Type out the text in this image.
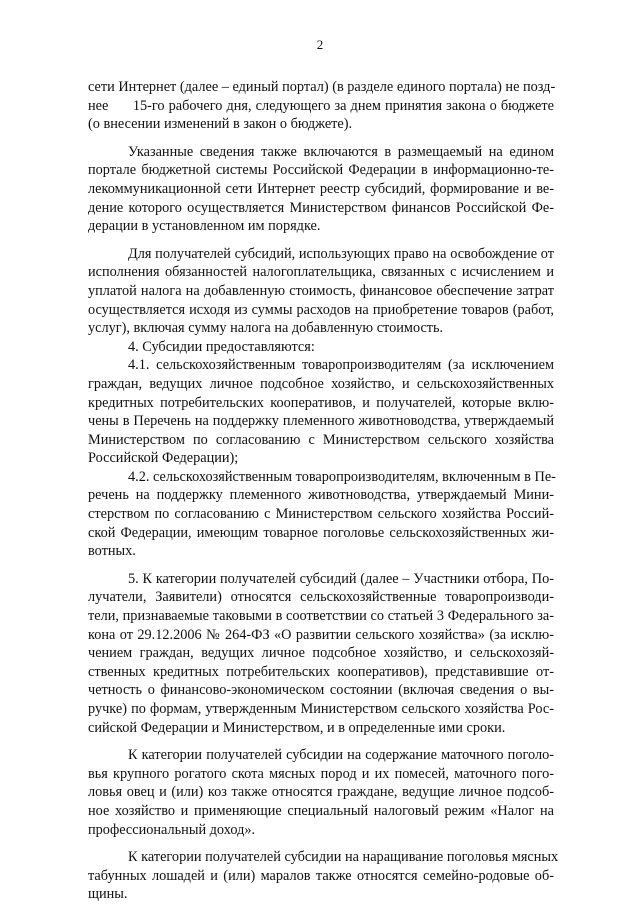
2

сети Интернет (далее – единый портал) (в разделе единого портала) не позд-
нее      15-го рабочего дня, следующего за днем принятия закона о бюджете
(о внесении изменений в закон о бюджете).

Указанные сведения также включаются в размещаемый на едином
портале бюджетной системы Российской Федерации в информационно-те-
лекоммуникационной сети Интернет реестр субсидий, формирование и ве-
дение которого осуществляется Министерством финансов Российской Фе-
дерации в установленном им порядке.

Для получателей субсидий, использующих право на освобождение от
исполнения обязанностей налогоплательщика, связанных с исчислением и
уплатой налога на добавленную стоимость, финансовое обеспечение затрат
осуществляется исходя из суммы расходов на приобретение товаров (работ,
услуг), включая сумму налога на добавленную стоимость.

4. Субсидии предоставляются:

4.1. сельскохозяйственным товаропроизводителям (за исключением
граждан, ведущих личное подсобное хозяйство, и сельскохозяйственных
кредитных потребительских кооперативов, и получателей, которые вклю-
чены в Перечень на поддержку племенного животноводства, утверждаемый
Министерством по согласованию с Министерством сельского хозяйства
Российской Федерации);

4.2. сельскохозяйственным товаропроизводителям, включенным в Пе-
речень на поддержку племенного животноводства, утверждаемый Мини-
стерством по согласованию с Министерством сельского хозяйства Россий-
ской Федерации, имеющим товарное поголовье сельскохозяйственных жи-
вотных.

5. К категории получателей субсидий (далее – Участники отбора, По-
лучатели, Заявители) относятся сельскохозяйственные товаропроизводи-
тели, признаваемые таковыми в соответствии со статьей 3 Федерального за-
кона от 29.12.2006 № 264-ФЗ «О развитии сельского хозяйства» (за исклю-
чением граждан, ведущих личное подсобное хозяйство, и сельскохозяй-
ственных кредитных потребительских кооперативов), представившие от-
четность о финансово-экономическом состоянии (включая сведения о вы-
ручке) по формам, утвержденным Министерством сельского хозяйства Рос-
сийской Федерации и Министерством, и в определенные ими сроки.

К категории получателей субсидии на содержание маточного поголо-
вья крупного рогатого скота мясных пород и их помесей, маточного пого-
ловья овец и (или) коз также относятся граждане, ведущие личное подсоб-
ное хозяйство и применяющие специальный налоговый режим «Налог на
профессиональный доход».

К категории получателей субсидии на наращивание поголовья мясных
табунных лошадей и (или) маралов также относятся семейно-родовые об-
щины.
